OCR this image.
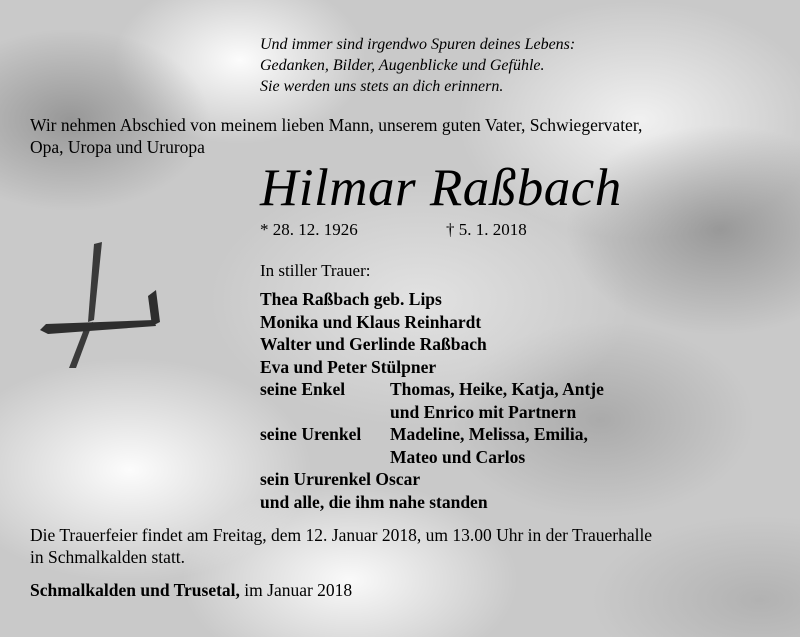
Und immer sind irgendwo Spuren deines Lebens:
Gedanken, Bilder, Augenblicke und Gefühle.
Sie werden uns stets an dich erinnern.

Wir nehmen Abschied von meinem lieben Mann, unserem guten Vater, Schwiegervater,
Opa, Uropa und Ururopa

Hilmar Raßbach

* 28. 12. 1926	† 5. 1. 2018

In stiller Trauer:

Thea Raßbach geb. Lips
Monika und Klaus Reinhardt
Walter und Gerlinde Raßbach
Eva und Peter Stülpner
seine Enkel	Thomas, Heike, Katja, Antje
und Enrico mit Partnern
seine Urenkel Madeline, Melissa, Emilia,
Mateo und Carlos
sein Ururenkel Oscar
und alle, die ihm nahe standen

Die Trauerfeier findet am Freitag, dem 12. Januar 2018, um 13.00 Uhr in der Trauerhalle
in Schmalkalden statt.

Schmalkalden und Trusetal, im Januar 2018
